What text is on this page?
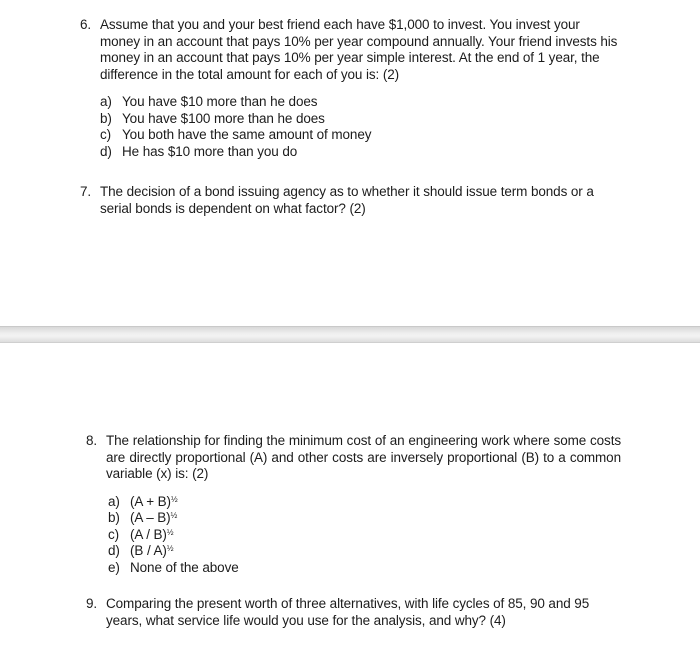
6. Assume that you and your best friend each have $1,000 to invest. You invest your money in an account that pays 10% per year compound annually. Your friend invests his money in an account that pays 10% per year simple interest. At the end of 1 year, the difference in the total amount for each of you is: (2)
a) You have $10 more than he does
b) You have $100 more than he does
c) You both have the same amount of money
d) He has $10 more than you do
7. The decision of a bond issuing agency as to whether it should issue term bonds or a serial bonds is dependent on what factor? (2)
8. The relationship for finding the minimum cost of an engineering work where some costs are directly proportional (A) and other costs are inversely proportional (B) to a common variable (x) is: (2)
a) $(A + B)^{\frac{1}{2}}$
b) (A – B)$^{\frac{1}{2}}$
c) (A / B)$^{\frac{1}{2}}$
d) (B / A)$^{\frac{1}{2}}$
e) None of the above
9. Comparing the present worth of three alternatives, with life cycles of 85, 90 and 95 years, what service life would you use for the analysis, and why? (4)
